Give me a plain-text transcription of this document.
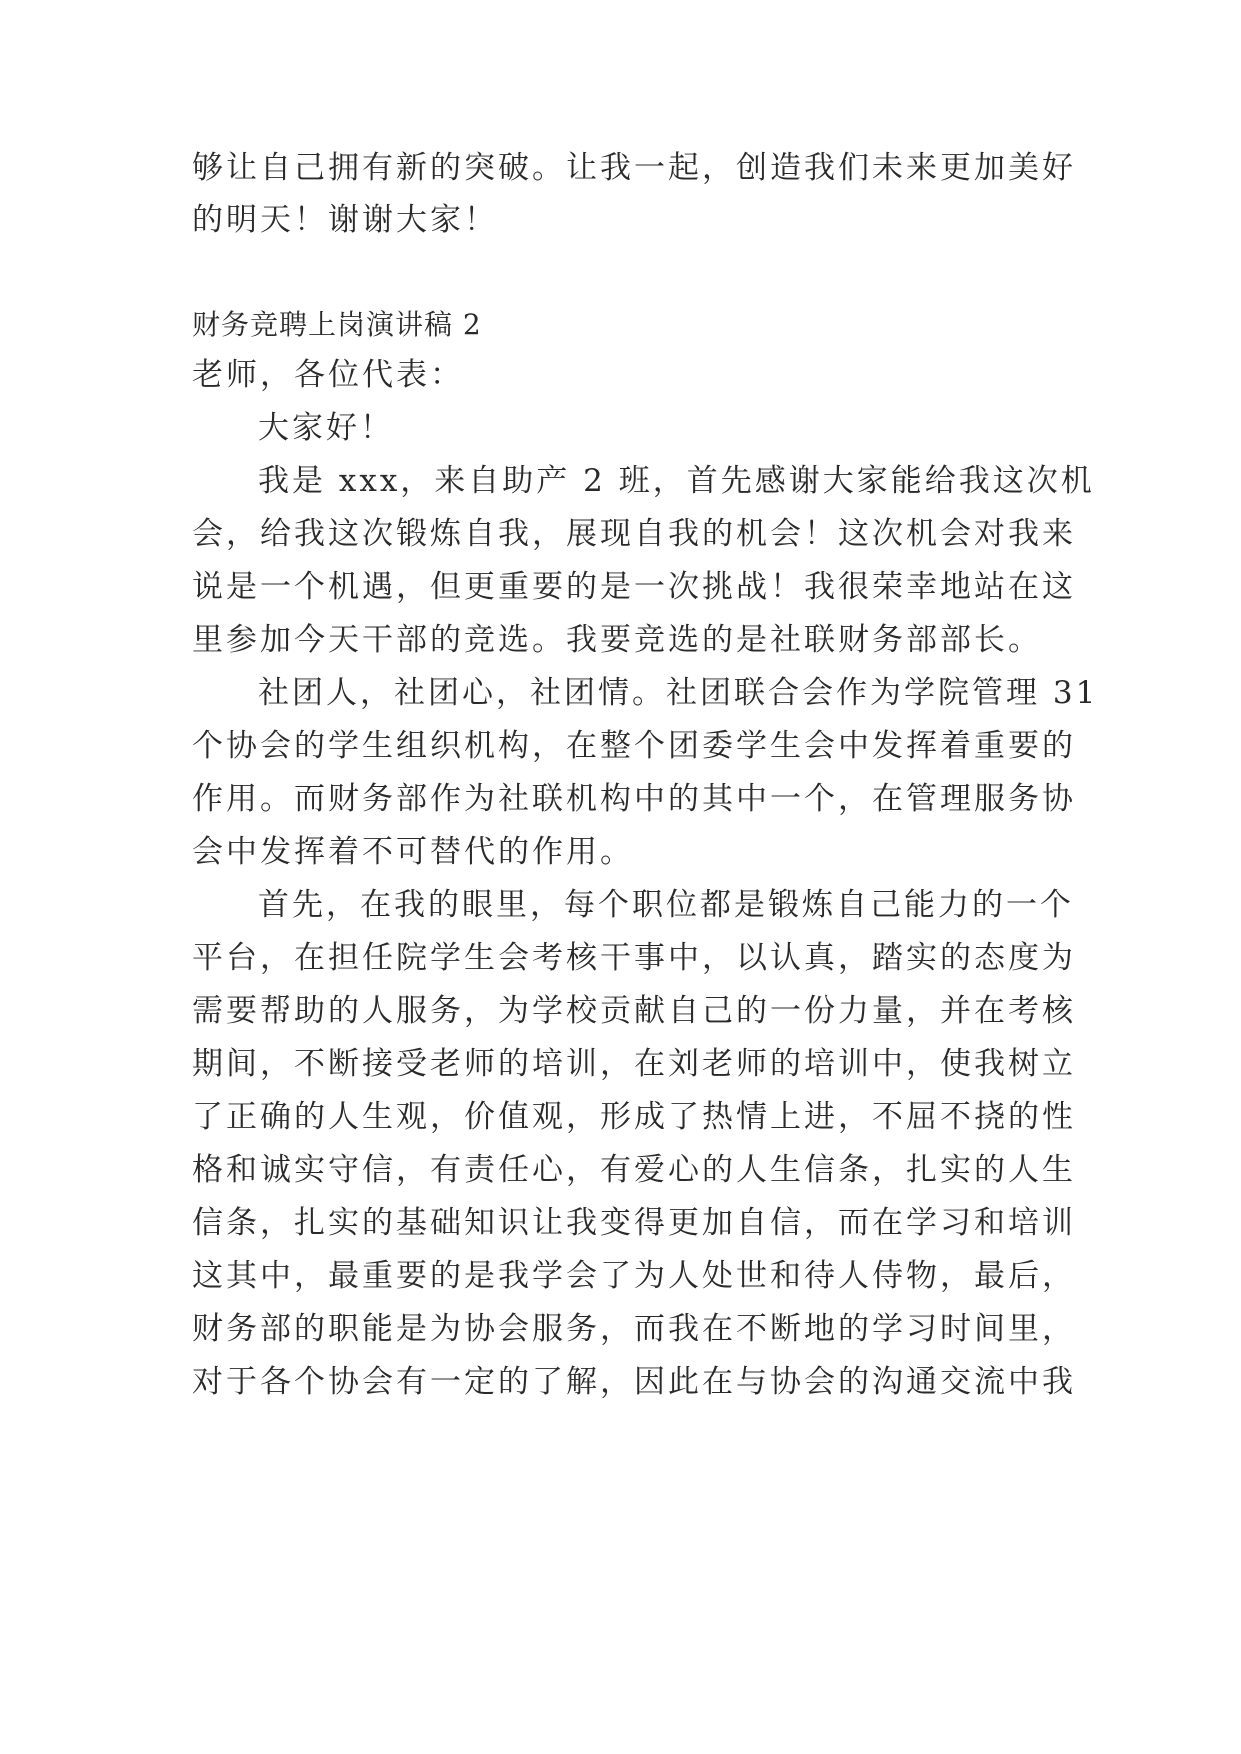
够让自己拥有新的突破。让我一起，创造我们未来更加美好

的明天！谢谢大家！

财务竞聘上岗演讲稿 2

老师，各位代表：

大家好！

我是 xxx，来自助产 2 班，首先感谢大家能给我这次机

会，给我这次锻炼自我，展现自我的机会！这次机会对我来

说是一个机遇，但更重要的是一次挑战！我很荣幸地站在这

里参加今天干部的竞选。我要竞选的是社联财务部部长。

社团人，社团心，社团情。社团联合会作为学院管理 31

个协会的学生组织机构，在整个团委学生会中发挥着重要的

作用。而财务部作为社联机构中的其中一个，在管理服务协

会中发挥着不可替代的作用。

首先，在我的眼里，每个职位都是锻炼自己能力的一个

平台，在担任院学生会考核干事中，以认真，踏实的态度为

需要帮助的人服务，为学校贡献自己的一份力量，并在考核

期间，不断接受老师的培训，在刘老师的培训中，使我树立

了正确的人生观，价值观，形成了热情上进，不屈不挠的性

格和诚实守信，有责任心，有爱心的人生信条，扎实的人生

信条，扎实的基础知识让我变得更加自信，而在学习和培训

这其中，最重要的是我学会了为人处世和待人侍物，最后，

财务部的职能是为协会服务，而我在不断地的学习时间里，

对于各个协会有一定的了解，因此在与协会的沟通交流中我
